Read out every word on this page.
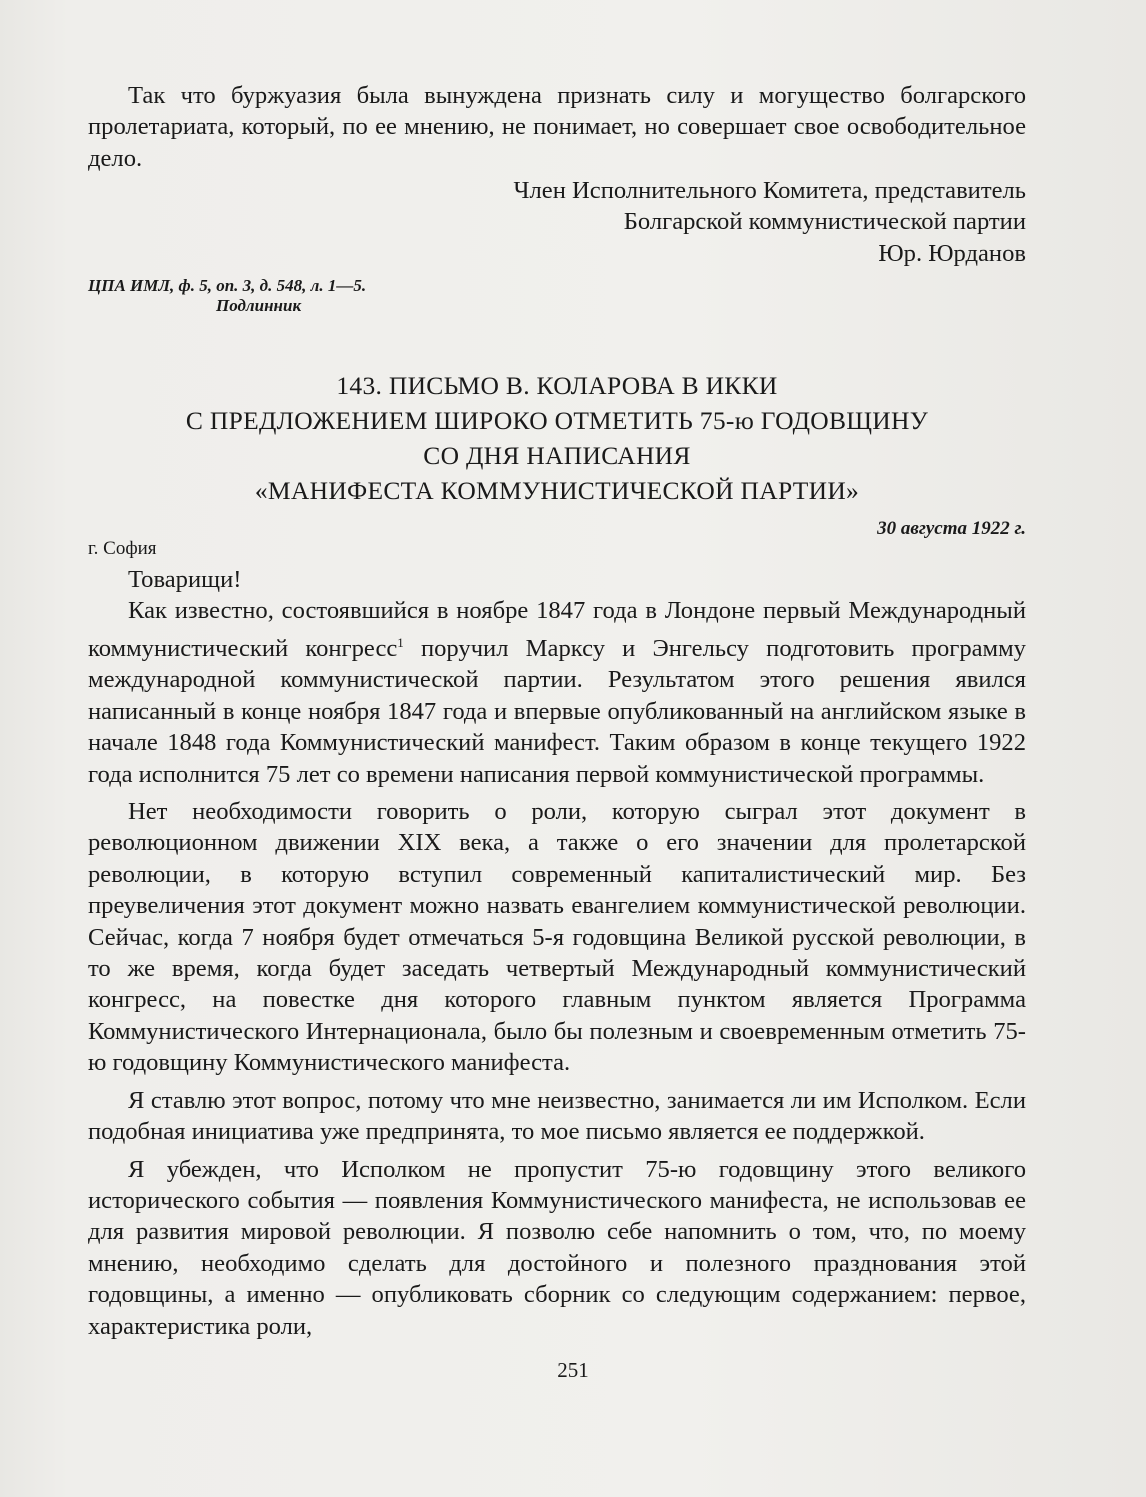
Так что буржуазия была вынуждена признать силу и могущество болгарского пролетариата, который, по ее мнению, не понимает, но совершает свое освободительное дело.

Член Исполнительного Комитета, представитель

Болгарской коммунистической партии

Юр. Юрданов

ЦПА ИМЛ, ф. 5, оп. 3, д. 548, л. 1—5.

Подлинник

143. ПИСЬМО В. КОЛАРОВА В ИККИ

С ПРЕДЛОЖЕНИЕМ ШИРОКО ОТМЕТИТЬ 75-ю ГОДОВЩИНУ

СО ДНЯ НАПИСАНИЯ

«МАНИФЕСТА КОММУНИСТИЧЕСКОЙ ПАРТИИ»

30 августа 1922 г.
г. София

Товарищи!

Как известно, состоявшийся в ноябре 1847 года в Лондоне первый Международный коммунистический конгресс$^1$ поручил Марксу и Энгельсу подготовить программу международной коммунистической партии. Результатом этого решения явился написанный в конце ноября 1847 года и впервые опубликованный на английском языке в начале 1848 года Коммунистический манифест. Таким образом в конце текущего 1922 года исполнится 75 лет со времени написания первой коммунистической программы.

Нет необходимости говорить о роли, которую сыграл этот документ в революционном движении XIX века, а также о его значении для пролетарской революции, в которую вступил современный капиталистический мир. Без преувеличения этот документ можно назвать евангелием коммунистической революции. Сейчас, когда 7 ноября будет отмечаться 5-я годовщина Великой русской революции, в то же время, когда будет заседать четвертый Международный коммунистический конгресс, на повестке дня которого главным пунктом является Программа Коммунистического Интернационала, было бы полезным и своевременным отметить 75-ю годовщину Коммунистического манифеста.

Я ставлю этот вопрос, потому что мне неизвестно, занимается ли им Исполком. Если подобная инициатива уже предпринята, то мое письмо является ее поддержкой.

Я убежден, что Исполком не пропустит 75-ю годовщину этого великого исторического события — появления Коммунистического манифеста, не использовав ее для развития мировой революции. Я позволю себе напомнить о том, что, по моему мнению, необходимо сделать для достойного и полезного празднования этой годовщины, а именно — опубликовать сборник со следующим содержанием: первое, характеристика роли,

251
